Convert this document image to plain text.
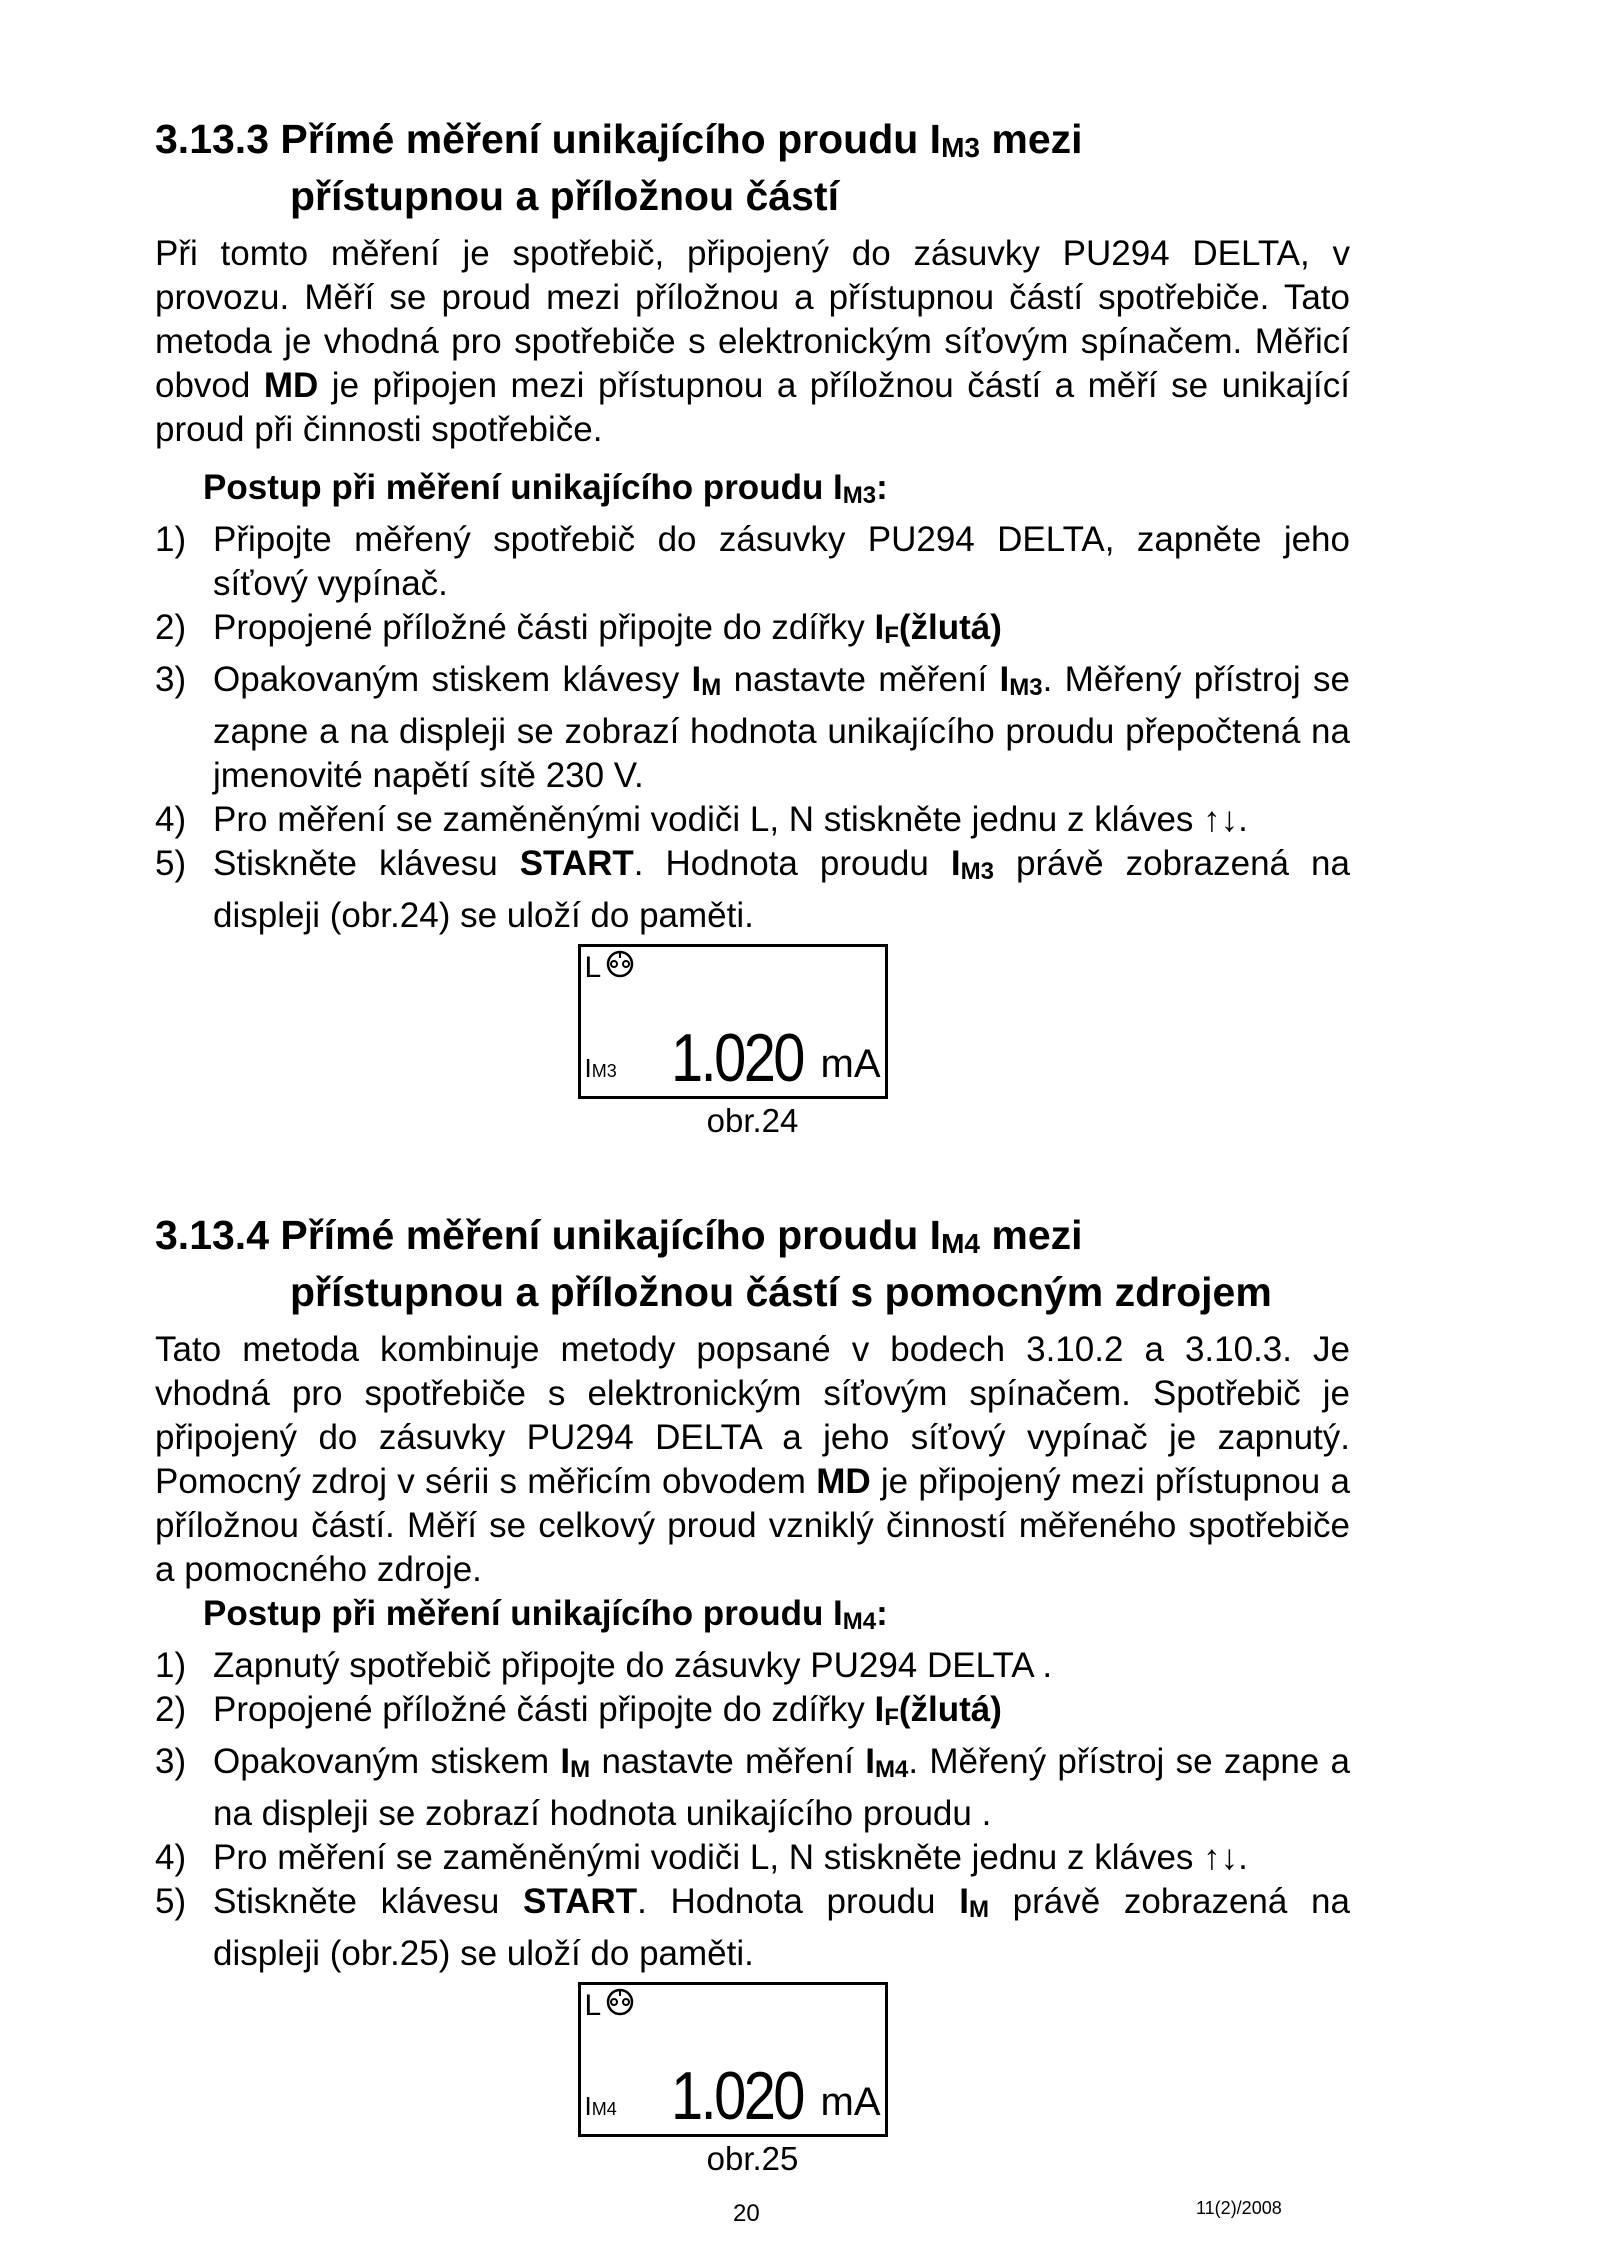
3.13.3 Přímé měření unikajícího proudu IM3 mezi
přístupnou a příložnou částí

Při tomto měření je spotřebič, připojený do zásuvky PU294 DELTA, v provozu. Měří se proud mezi příložnou a přístupnou částí spotřebiče. Tato metoda je vhodná pro spotřebiče s elektronickým síťovým spínačem. Měřicí obvod MD je připojen mezi přístupnou a příložnou částí a měří se unikající proud při činnosti spotřebiče.

Postup při měření unikajícího proudu IM3:
1) Připojte měřený spotřebič do zásuvky PU294 DELTA, zapněte jeho síťový vypínač.
2) Propojené příložné části připojte do zdířky IF(žlutá)
3) Opakovaným stiskem klávesy IM nastavte měření IM3. Měřený přístroj se zapne a na displeji se zobrazí hodnota unikajícího proudu přepočtená na jmenovité napětí sítě 230 V.
4) Pro měření se zaměněnými vodiči L, N stiskněte jednu z kláves ↑↓.
5) Stiskněte klávesu START. Hodnota proudu IM3 právě zobrazená na displeji (obr.24) se uloží do paměti.
L
IM3 1.020 mA
obr.24
3.13.4 Přímé měření unikajícího proudu IM4 mezi
přístupnou a příložnou částí s pomocným zdrojem

Tato metoda kombinuje metody popsané v bodech 3.10.2 a 3.10.3. Je vhodná pro spotřebiče s elektronickým síťovým spínačem. Spotřebič je připojený do zásuvky PU294 DELTA a jeho síťový vypínač je zapnutý. Pomocný zdroj v sérii s měřicím obvodem MD je připojený mezi přístupnou a příložnou částí. Měří se celkový proud vzniklý činností měřeného spotřebiče a pomocného zdroje.

Postup při měření unikajícího proudu IM4:
1) Zapnutý spotřebič připojte do zásuvky PU294 DELTA .
2) Propojené příložné části připojte do zdířky IF(žlutá)
3) Opakovaným stiskem IM nastavte měření IM4. Měřený přístroj se zapne a na displeji se zobrazí hodnota unikajícího proudu .
4) Pro měření se zaměněnými vodiči L, N stiskněte jednu z kláves ↑↓.
5) Stiskněte klávesu START. Hodnota proudu IM právě zobrazená na displeji (obr.25) se uloží do paměti.
L
IM4 1.020 mA
obr.25
20	11(2)/2008
